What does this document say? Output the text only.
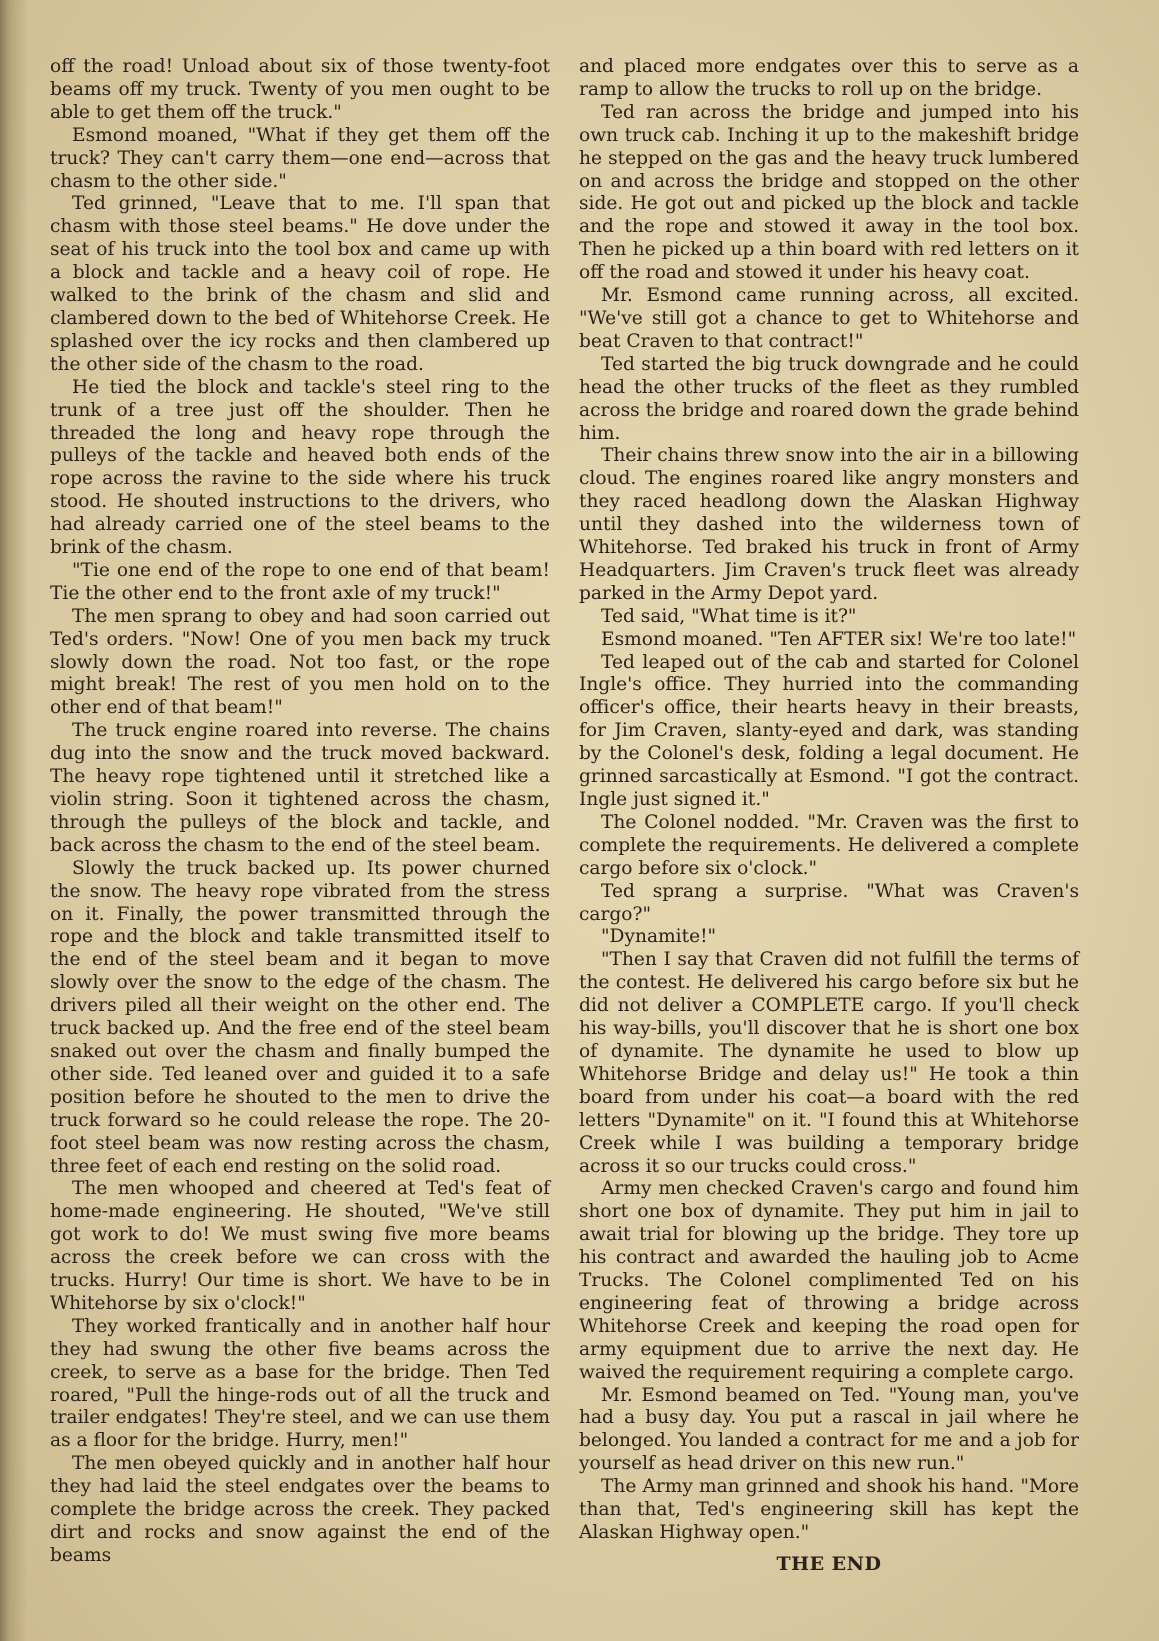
off the road! Unload about six of those twenty-foot beams off my truck. Twenty of you men ought to be able to get them off the truck."

Esmond moaned, "What if they get them off the truck? They can't carry them—one end—across that chasm to the other side."

Ted grinned, "Leave that to me. I'll span that chasm with those steel beams." He dove under the seat of his truck into the tool box and came up with a block and tackle and a heavy coil of rope. He walked to the brink of the chasm and slid and clambered down to the bed of Whitehorse Creek. He splashed over the icy rocks and then clambered up the other side of the chasm to the road.

He tied the block and tackle's steel ring to the trunk of a tree just off the shoulder. Then he threaded the long and heavy rope through the pulleys of the tackle and heaved both ends of the rope across the ravine to the side where his truck stood. He shouted instructions to the drivers, who had already carried one of the steel beams to the brink of the chasm.

"Tie one end of the rope to one end of that beam! Tie the other end to the front axle of my truck!"

The men sprang to obey and had soon carried out Ted's orders. "Now! One of you men back my truck slowly down the road. Not too fast, or the rope might break! The rest of you men hold on to the other end of that beam!"

The truck engine roared into reverse. The chains dug into the snow and the truck moved backward. The heavy rope tightened until it stretched like a violin string. Soon it tightened across the chasm, through the pulleys of the block and tackle, and back across the chasm to the end of the steel beam.

Slowly the truck backed up. Its power churned the snow. The heavy rope vibrated from the stress on it. Finally, the power transmitted through the rope and the block and takle transmitted itself to the end of the steel beam and it began to move slowly over the snow to the edge of the chasm. The drivers piled all their weight on the other end. The truck backed up. And the free end of the steel beam snaked out over the chasm and finally bumped the other side. Ted leaned over and guided it to a safe position before he shouted to the men to drive the truck forward so he could release the rope. The 20-foot steel beam was now resting across the chasm, three feet of each end resting on the solid road.

The men whooped and cheered at Ted's feat of home-made engineering. He shouted, "We've still got work to do! We must swing five more beams across the creek before we can cross with the trucks. Hurry! Our time is short. We have to be in Whitehorse by six o'clock!"

They worked frantically and in another half hour they had swung the other five beams across the creek, to serve as a base for the bridge. Then Ted roared, "Pull the hinge-rods out of all the truck and trailer endgates! They're steel, and we can use them as a floor for the bridge. Hurry, men!"

The men obeyed quickly and in another half hour they had laid the steel endgates over the beams to complete the bridge across the creek. They packed dirt and rocks and snow against the end of the beams

and placed more endgates over this to serve as a ramp to allow the trucks to roll up on the bridge.

Ted ran across the bridge and jumped into his own truck cab. Inching it up to the makeshift bridge he stepped on the gas and the heavy truck lumbered on and across the bridge and stopped on the other side. He got out and picked up the block and tackle and the rope and stowed it away in the tool box. Then he picked up a thin board with red letters on it off the road and stowed it under his heavy coat.

Mr. Esmond came running across, all excited. "We've still got a chance to get to Whitehorse and beat Craven to that contract!"

Ted started the big truck downgrade and he could head the other trucks of the fleet as they rumbled across the bridge and roared down the grade behind him.

Their chains threw snow into the air in a billowing cloud. The engines roared like angry monsters and they raced headlong down the Alaskan Highway until they dashed into the wilderness town of Whitehorse. Ted braked his truck in front of Army Headquarters. Jim Craven's truck fleet was already parked in the Army Depot yard.

Ted said, "What time is it?"

Esmond moaned. "Ten AFTER six! We're too late!"

Ted leaped out of the cab and started for Colonel Ingle's office. They hurried into the commanding officer's office, their hearts heavy in their breasts, for Jim Craven, slanty-eyed and dark, was standing by the Colonel's desk, folding a legal document. He grinned sarcastically at Esmond. "I got the contract. Ingle just signed it."

The Colonel nodded. "Mr. Craven was the first to complete the requirements. He delivered a complete cargo before six o'clock."

Ted sprang a surprise. "What was Craven's cargo?"

"Dynamite!"

"Then I say that Craven did not fulfill the terms of the contest. He delivered his cargo before six but he did not deliver a COMPLETE cargo. If you'll check his way-bills, you'll discover that he is short one box of dynamite. The dynamite he used to blow up Whitehorse Bridge and delay us!" He took a thin board from under his coat—a board with the red letters "Dynamite" on it. "I found this at Whitehorse Creek while I was building a temporary bridge across it so our trucks could cross."

Army men checked Craven's cargo and found him short one box of dynamite. They put him in jail to await trial for blowing up the bridge. They tore up his contract and awarded the hauling job to Acme Trucks. The Colonel complimented Ted on his engineering feat of throwing a bridge across Whitehorse Creek and keeping the road open for army equipment due to arrive the next day. He waived the requirement requiring a complete cargo.

Mr. Esmond beamed on Ted. "Young man, you've had a busy day. You put a rascal in jail where he belonged. You landed a contract for me and a job for yourself as head driver on this new run."

The Army man grinned and shook his hand. "More than that, Ted's engineering skill has kept the Alaskan Highway open."

THE END
